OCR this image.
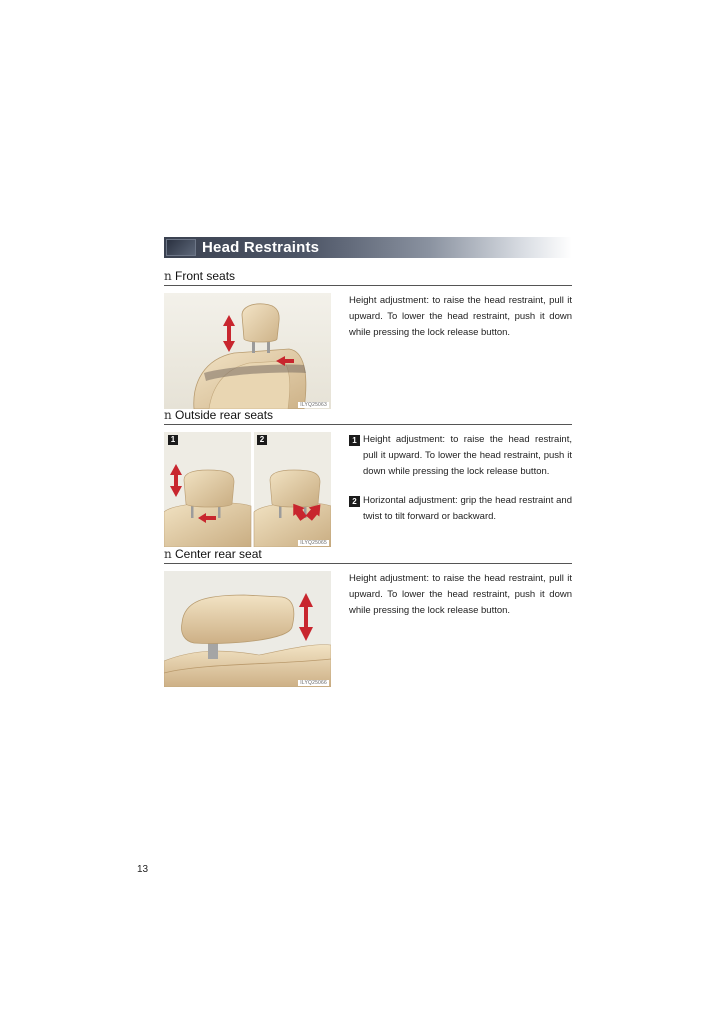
Head Restraints
n Front seats
ILYQ25063
Height adjustment: to raise the head restraint, pull it upward. To lower the head restraint, push it down while pressing the lock release button.
n Outside rear seats
1	2
ILYQ25065
1 Height adjustment: to raise the head restraint, pull it upward. To lower the head restraint, push it down while pressing the lock release button.
2 Horizontal adjustment: grip the head restraint and twist to tilt forward or backward.
n Center rear seat
ILYQ25066
Height adjustment: to raise the head restraint, pull it upward. To lower the head restraint, push it down while pressing the lock release button.
13
